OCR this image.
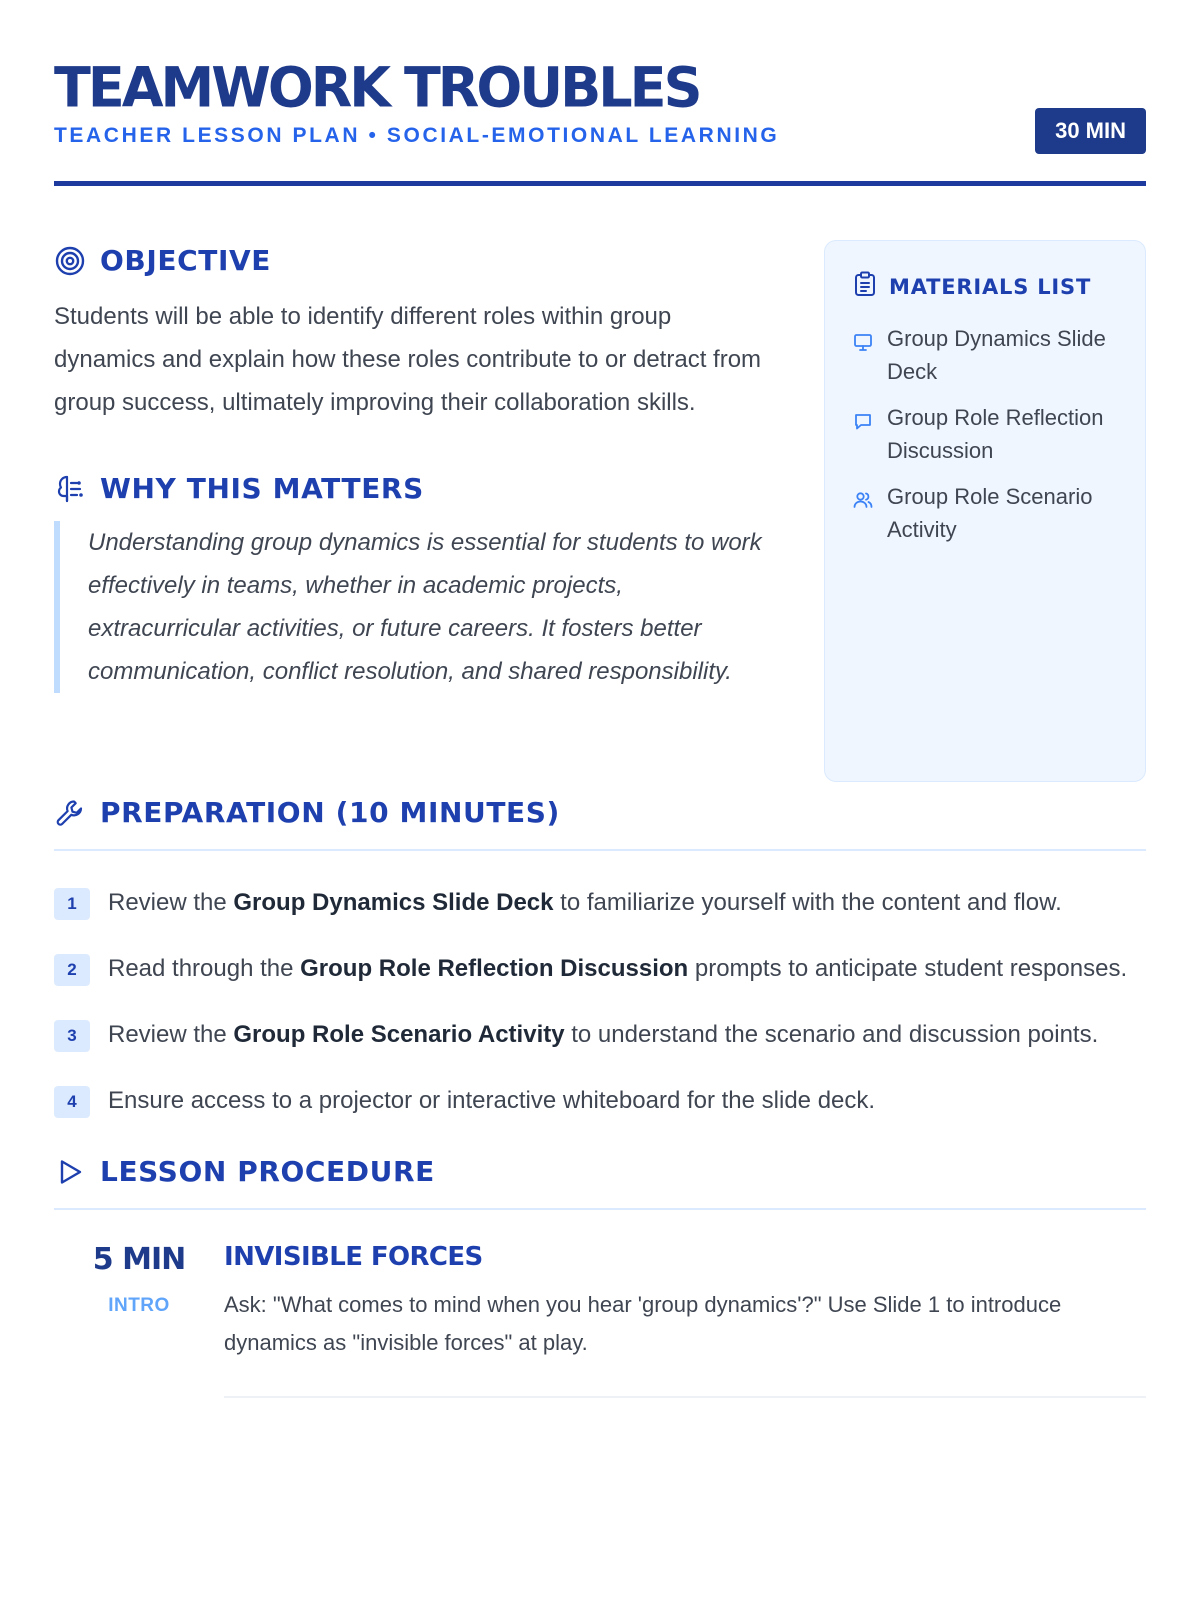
TEAMWORK TROUBLES
TEACHER LESSON PLAN • SOCIAL-EMOTIONAL LEARNING	30 MIN
OBJECTIVE

Students will be able to identify different roles within group dynamics and explain how these roles contribute to or detract from group success, ultimately improving their collaboration skills.

WHY THIS MATTERS
Understanding group dynamics is essential for students to work effectively in teams, whether in academic projects, extracurricular activities, or future careers. It fosters better communication, conflict resolution, and shared responsibility.
MATERIALS LIST
Group Dynamics Slide Deck
Group Role Reflection Discussion
Group Role Scenario Activity
PREPARATION (10 MINUTES)
1	Review the Group Dynamics Slide Deck to familiarize yourself with the content and flow.
2	Read through the Group Role Reflection Discussion prompts to anticipate student responses.
3	Review the Group Role Scenario Activity to understand the scenario and discussion points.
4	Ensure access to a projector or interactive whiteboard for the slide deck.
LESSON PROCEDURE
5 MIN
INTRO
INVISIBLE FORCES

Ask: "What comes to mind when you hear 'group dynamics'?" Use Slide 1 to introduce dynamics as "invisible forces" at play.
